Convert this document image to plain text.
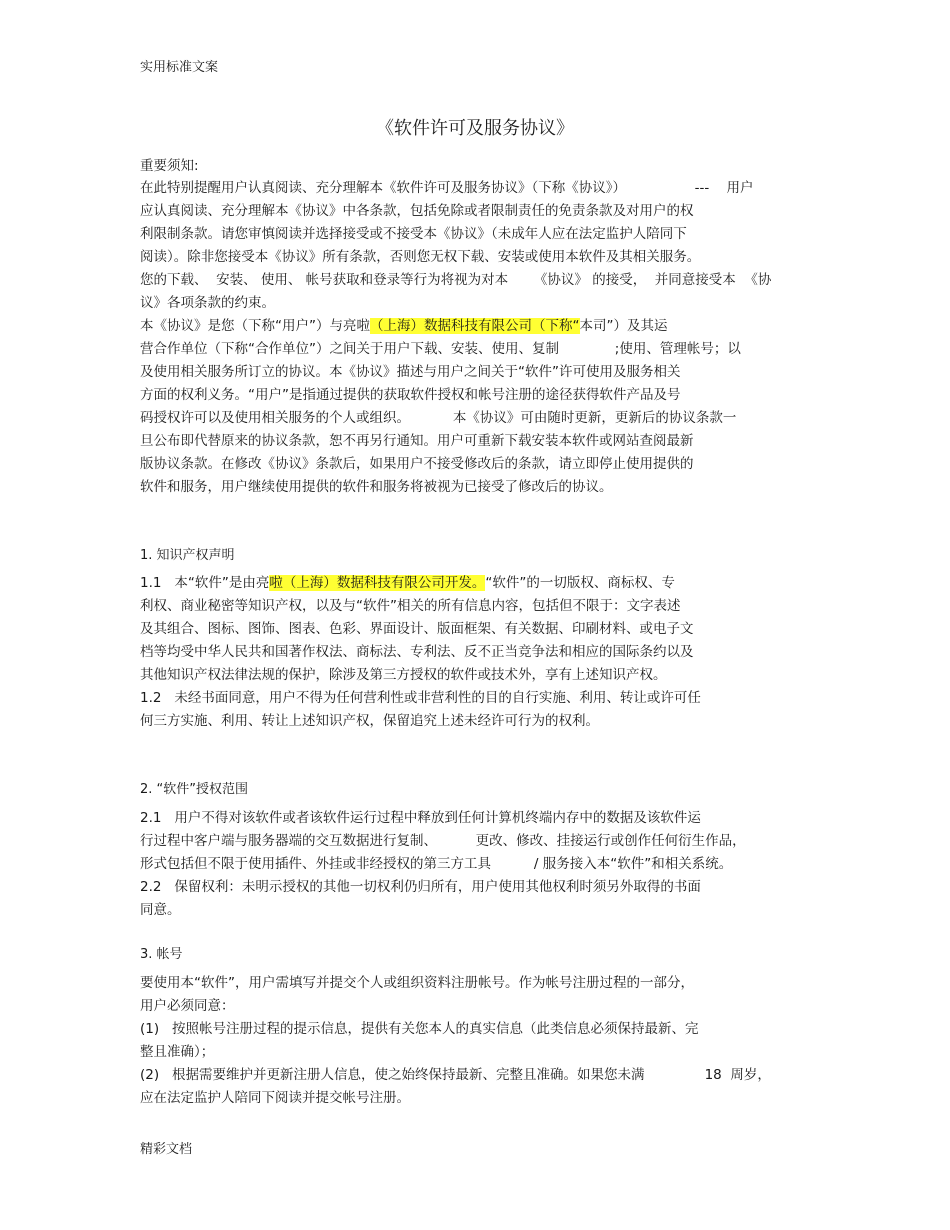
实用标准文案

《软件许可及服务协议》

重要须知:

在此特别提醒用户认真阅读、充分理解本《软件许可及服务协议》（下称《协议》）                ---    用户

应认真阅读、充分理解本《协议》中各条款，包括免除或者限制责任的免责条款及对用户的权

利限制条款。请您审慎阅读并选择接受或不接受本《协议》（未成年人应在法定监护人陪同下

阅读）。除非您接受本《协议》所有条款，否则您无权下载、安装或使用本软件及其相关服务。

您的下载、  安装、 使用、 帐号获取和登录等行为将视为对本      《协议》 的接受，  并同意接受本  《协

议》各项条款的约束。

本《协议》是您（下称“用户”）与亮啦（上海）数据科技有限公司（下称“本司”）及其运

营合作单位（下称“合作单位”）之间关于用户下载、安装、使用、复制             ;使用、管理帐号；以

及使用相关服务所订立的协议。本《协议》描述与用户之间关于“软件”许可使用及服务相关

方面的权利义务。“用户”是指通过提供的获取软件授权和帐号注册的途径获得软件产品及号

码授权许可以及使用相关服务的个人或组织。          本《协议》可由随时更新，更新后的协议条款一

旦公布即代替原来的协议条款，恕不再另行通知。用户可重新下载安装本软件或网站查阅最新

版协议条款。在修改《协议》条款后，如果用户不接受修改后的条款，请立即停止使用提供的

软件和服务，用户继续使用提供的软件和服务将被视为已接受了修改后的协议。

1. 知识产权声明

1.1   本“软件”是由亮啦（上海）数据科技有限公司开发。“软件”的一切版权、商标权、专

利权、商业秘密等知识产权，以及与“软件”相关的所有信息内容，包括但不限于：文字表述

及其组合、图标、图饰、图表、色彩、界面设计、版面框架、有关数据、印刷材料、或电子文

档等均受中华人民共和国著作权法、商标法、专利法、反不正当竞争法和相应的国际条约以及

其他知识产权法律法规的保护，除涉及第三方授权的软件或技术外，享有上述知识产权。

1.2   未经书面同意，用户不得为任何营利性或非营利性的目的自行实施、利用、转让或许可任

何三方实施、利用、转让上述知识产权，保留追究上述未经许可行为的权利。

2. “软件”授权范围

2.1   用户不得对该软件或者该软件运行过程中释放到任何计算机终端内存中的数据及该软件运

行过程中客户端与服务器端的交互数据进行复制、         更改、修改、挂接运行或创作任何衍生作品，

形式包括但不限于使用插件、外挂或非经授权的第三方工具          / 服务接入本“软件”和相关系统。

2.2   保留权利：未明示授权的其他一切权利仍归所有，用户使用其他权利时须另外取得的书面

同意。

3. 帐号

要使用本“软件”，用户需填写并提交个人或组织资料注册帐号。作为帐号注册过程的一部分，

用户必须同意：

(1)   按照帐号注册过程的提示信息，提供有关您本人的真实信息（此类信息必须保持最新、完

整且准确）；

(2)   根据需要维护并更新注册人信息，使之始终保持最新、完整且准确。如果您未满              18  周岁，

应在法定监护人陪同下阅读并提交帐号注册。

精彩文档
